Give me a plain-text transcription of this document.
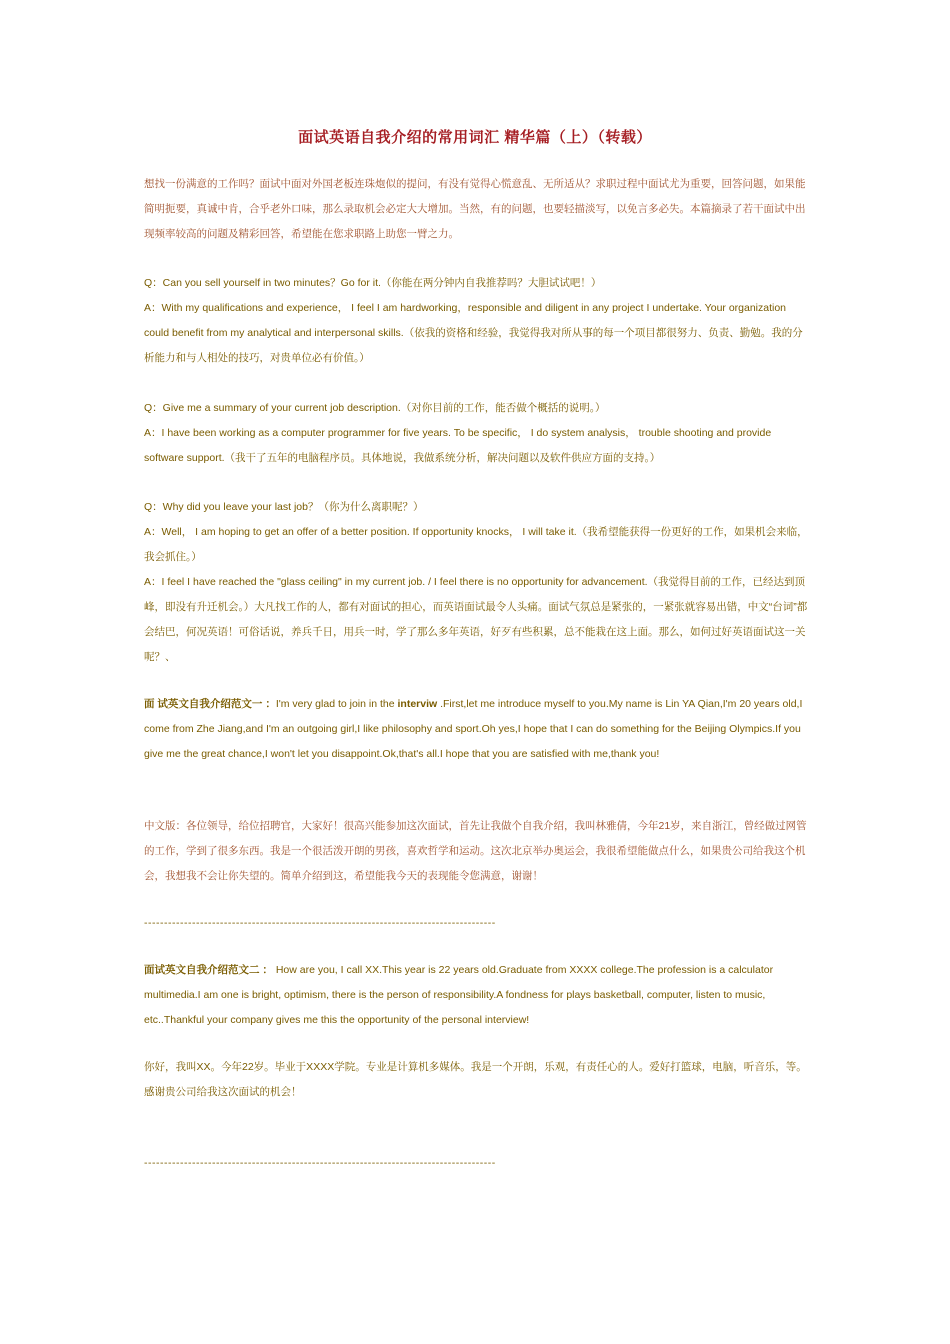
面试英语自我介绍的常用词汇 精华篇（上）（转载）

想找一份满意的工作吗？面试中面对外国老板连珠炮似的提问，有没有觉得心慌意乱、无所适从？求职过程中面试尤为重要，回答问题，如果能简明扼要，真诚中肯，合乎老外口味，那么录取机会必定大大增加。当然，有的问题，也要轻描淡写，以免言多必失。本篇摘录了若干面试中出现频率较高的问题及精彩回答，希望能在您求职路上助您一臂之力。

Q：Can you sell yourself in two minutes？Go for it.（你能在两分钟内自我推荐吗？大胆试试吧！）

A：With my qualifications and experience， I feel I am hardworking，responsible and diligent in any project I undertake. Your organization could benefit from my analytical and interpersonal skills.（依我的资格和经验，我觉得我对所从事的每一个项目都很努力、负责、勤勉。我的分析能力和与人相处的技巧，对贵单位必有价值。）

Q：Give me a summary of your current job description.（对你目前的工作，能否做个概括的说明。）

A：I have been working as a computer programmer for five years. To be specific， I do system analysis， trouble shooting and provide software support.（我干了五年的电脑程序员。具体地说，我做系统分析，解决问题以及软件供应方面的支持。）

Q：Why did you leave your last job？（你为什么离职呢？）

A：Well， I am hoping to get an offer of a better position. If opportunity knocks， I will take it.（我希望能获得一份更好的工作，如果机会来临，我会抓住。）

A：I feel I have reached the "glass ceiling" in my current job. / I feel there is no opportunity for advancement.（我觉得目前的工作，已经达到顶峰，即没有升迁机会。）大凡找工作的人，都有对面试的担心，而英语面试最令人头痛。面试气氛总是紧张的，一紧张就容易出错，中文“台词”都会结巴，何况英语！可俗话说，养兵千日，用兵一时，学了那么多年英语，好歹有些积累，总不能栽在这上面。那么，如何过好英语面试这一关呢？、

面 试英文自我介绍范文一 ：I'm very glad to join in the interviw .First,let me introduce myself to you.My name is Lin YA Qian,I'm 20 years old,I come from Zhe Jiang,and I'm an outgoing girl,I like philosophy and sport.Oh yes,I hope that I can do something for the Beijing Olympics.If you give me the great chance,I won't let you disappoint.Ok,that's all.I hope that you are satisfied with me,thank you!

中文版：各位领导，给位招聘官，大家好！很高兴能参加这次面试，首先让我做个自我介绍，我叫林雅倩，今年21岁，来自浙江，曾经做过网管的工作，学到了很多东西。我是一个很活泼开朗的男孩，喜欢哲学和运动。这次北京举办奥运会，我很希望能做点什么，如果贵公司给我这个机会，我想我不会让你失望的。简单介绍到这，希望能我今天的表现能令您满意，谢谢！

----------------------------------------------------------------------------------------

面试英文自我介绍范文二 ： How are you, I call XX.This year is 22 years old.Graduate from XXXX college.The profession is a calculator multimedia.I am one is bright, optimism, there is the person of responsibility.A fondness for plays basketball, computer, listen to music, etc..Thankful your company gives me this the opportunity of the personal interview!

你好，我叫XX。今年22岁。毕业于XXXX学院。专业是计算机多媒体。我是一个开朗，乐观，有责任心的人。爱好打篮球，电脑，听音乐，等。感谢贵公司给我这次面试的机会！

----------------------------------------------------------------------------------------
